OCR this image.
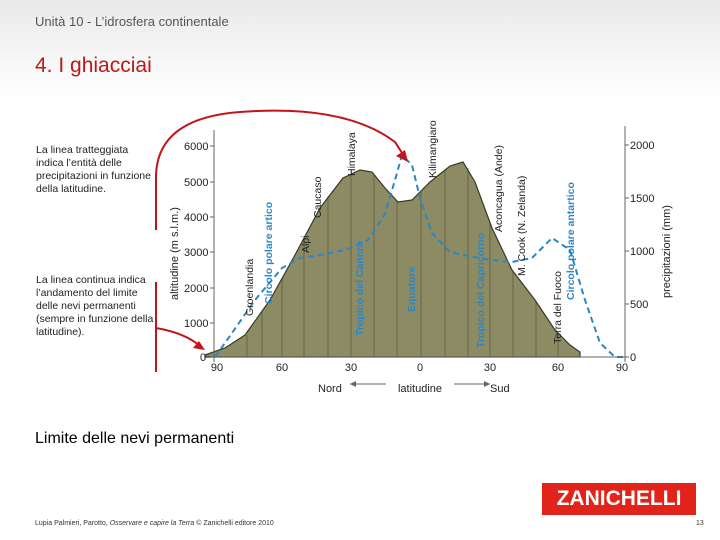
Unità 10 - L’idrosfera continentale
4. I ghiacciai
6000
5000
4000
3000
2000
1000
0
altitudine (m s.l.m.)
2000
1500
1000
500
0
precipitazioni (mm)
90	60	30	0	30	60	90
Nord	latitudine	Sud
Groenlandia Circolo polare artico Alpi
Caucaso
Himalaya
Tropico del Cancro	Equatore
Kilimangiaro
Tropico del Capricorno
Aconcagua (Ande) M. Cook (N. Zelanda)
Terra del Fuoco
Circolo polare antartico
La linea tratteggiata indica l’entità delle precipitazioni in funzione della latitudine.
La linea continua indica l’andamento del limite delle nevi permanenti (sempre in funzione della latitudine).
Limite delle nevi permanenti
Lupia Palmieri, Parotto, Osservare e capire la Terra © Zanichelli editore 2010
ZANICHELLI
13
